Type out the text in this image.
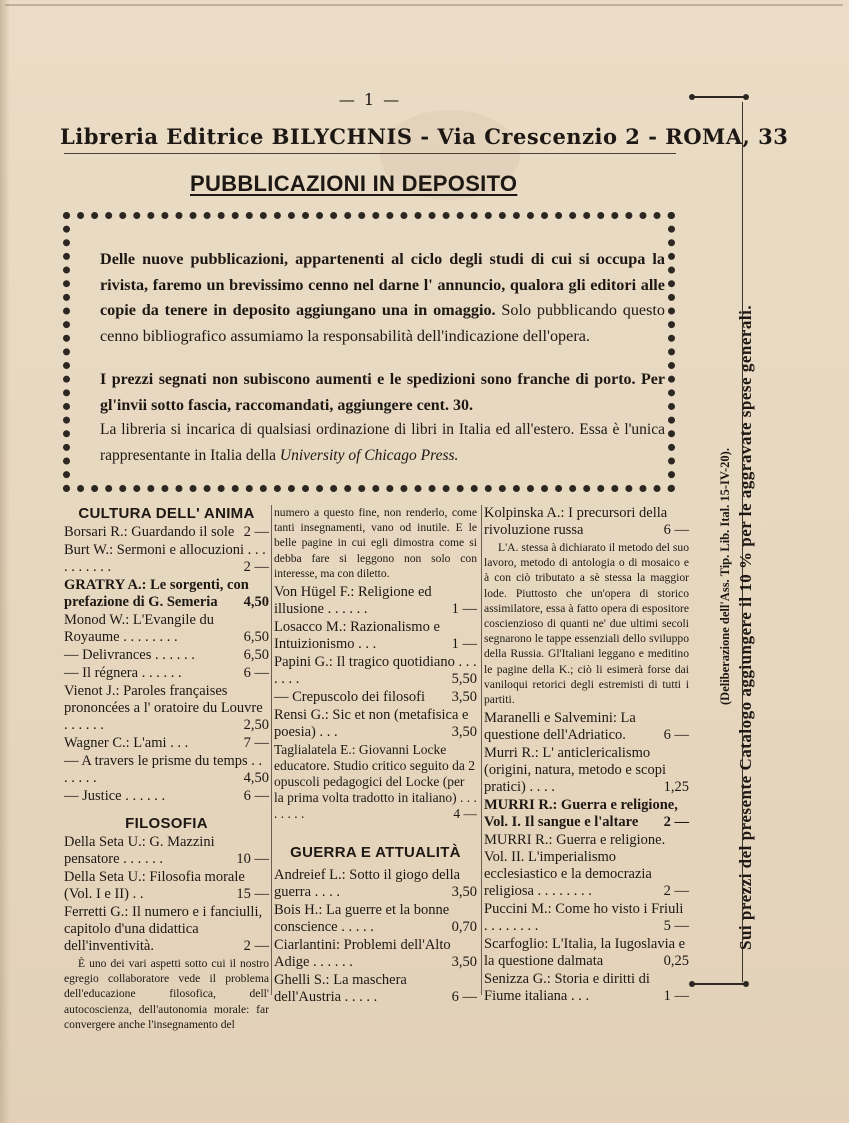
— 1 —
Libreria Editrice BILYCHNIS - Via Crescenzio 2 - ROMA, 33
PUBBLICAZIONI IN DEPOSITO

Delle nuove pubblicazioni, appartenenti al ciclo degli studi di cui si occupa la rivista, faremo un brevissimo cenno nel darne l' annuncio, qualora gli editori alle copie da tenere in deposito aggiungano una in omaggio. Solo pubblicando questo cenno bibliografico assumiamo la responsabilità dell'indicazione dell'opera.

I prezzi segnati non subiscono aumenti e le spedizioni sono franche di porto. Per gl'invii sotto fascia, raccomandati, aggiungere cent. 30.

La libreria si incarica di qualsiasi ordinazione di libri in Italia ed all'estero. Essa è l'unica rappresentante in Italia della University of Chicago Press.	Sui prezzi del presente Catalogo aggiungere il 10 % per le aggravate spese generali.
(Deliberazione dell'Ass. Tip. Lib. Ital. 15-IV-20).
CULTURA DELL' ANIMA
Borsari R.: Guardando il sole 2 —
Burt W.: Sermoni e allocuzioni . . . . . . . . . .	2 —
GRATRY A.: Le sorgenti, con prefazione di G. Semeria 4,50
Monod W.: L'Evangile du Royaume . . . . . . . .	6,50
— Delivrances . . . . . .	6,50
— Il régnera . . . . . .	6 —
Vienot J.: Paroles françaises prononcées a l' oratoire du Louvre . . . . . .	2,50
Wagner C.: L'ami . . .	7 —
— A travers le prisme du temps . . . . . . .	4,50
— Justice . . . . . .	6 —
FILOSOFIA
Della Seta U.: G. Mazzini pensatore . . . . . .	10 —
Della Seta U.: Filosofia morale (Vol. I e II) . .	15 —
Ferretti G.: Il numero e i fanciulli, capitolo d'una didattica dell'inventività.	2 —
È uno dei vari aspetti sotto cui il nostro egregio collaboratore vede il problema dell'educazione filosofica, dell' autocoscienza, dell'autonomia morale: far convergere anche l'insegnamento del
numero a questo fine, non renderlo, come tanti insegnamenti, vano od inutile. E le belle pagine in cui egli dimostra come si debba fare si leggono non solo con interesse, ma con diletto.
Von Hügel F.: Religione ed illusione . . . . . .	1 —
Losacco M.: Razionalismo e Intuizionismo . . .	1 —
Papini G.: Il tragico quotidiano . . . . . . .	5,50
— Crepuscolo dei filosofi 3,50
Rensi G.: Sic et non (metafisica e poesia) . . .	3,50
Taglialatela E.: Giovanni Locke educatore. Studio critico seguito da 2 opuscoli pedagogici del Locke (per la prima volta tradotto in italiano) . . . . . . . .	4 —
GUERRA E ATTUALITÀ
Andreief L.: Sotto il giogo della guerra . . . .	3,50
Bois H.: La guerre et la bonne conscience . . . . .	0,70
Ciarlantini: Problemi dell'Alto Adige . . . . . .	3,50
Ghelli S.: La maschera dell'Austria . . . . .	6 —
Kolpinska A.: I precursori della rivoluzione russa	6 —
L'A. stessa à dichiarato il metodo del suo lavoro, metodo di antologia o di mosaico e à con ciò tributato a sè stessa la maggior lode. Piuttosto che un'opera di storico assimilatore, essa à fatto opera di espositore coscienzioso di quanti ne' due ultimi secoli segnarono le tappe essenziali dello sviluppo della Russia. Gl'Italiani leggano e meditino le pagine della K.; ciò li esimerà forse dai vaniloqui retorici degli estremisti di tutti i partiti.
Maranelli e Salvemini: La questione dell'Adriatico.	6 —
Murri R.: L' anticlericalismo (origini, natura, metodo e scopi pratici) . . . .	1,25
MURRI R.: Guerra e religione, Vol. I. Il sangue e l'altare 2 —
MURRI R.: Guerra e religione. Vol. II. L'imperialismo ecclesiastico e la democrazia religiosa . . . . . . . .	2 —
Puccini M.: Come ho visto i Friuli . . . . . . . .	5 —
Scarfoglio: L'Italia, la Iugoslavia e la questione dalmata	0,25
Senizza G.: Storia e diritti di Fiume italiana . . .	1 —
